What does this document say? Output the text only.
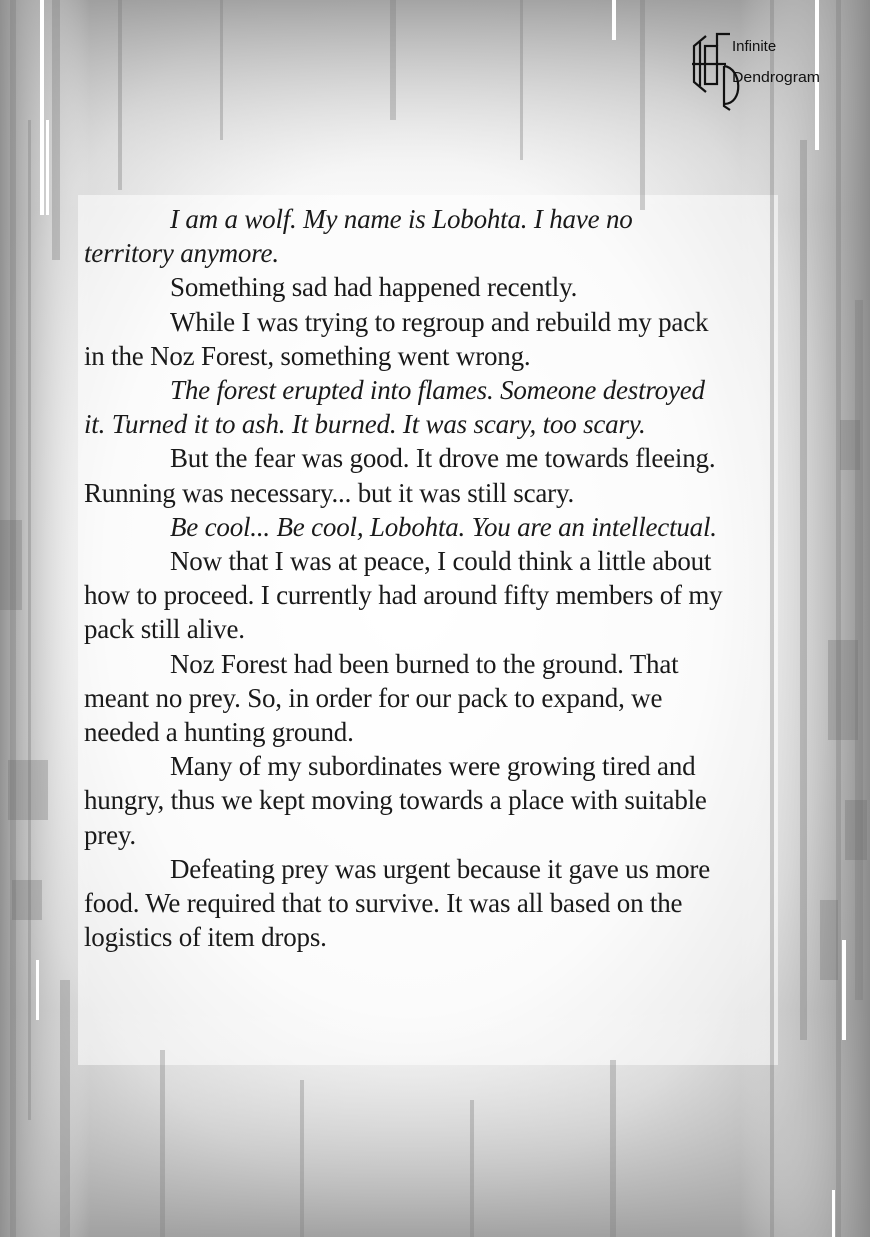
Infinite
Dendrogram

I am a wolf. My name is Lobohta. I have no territory anymore.

Something sad had happened recently.

While I was trying to regroup and rebuild my pack in the Noz Forest, something went wrong.

The forest erupted into flames. Someone destroyed it. Turned it to ash. It burned. It was scary, too scary.

But the fear was good. It drove me towards fleeing. Running was necessary... but it was still scary.

Be cool... Be cool, Lobohta. You are an intellectual.

Now that I was at peace, I could think a little about how to proceed. I currently had around fifty members of my pack still alive.

Noz Forest had been burned to the ground. That meant no prey. So, in order for our pack to expand, we needed a hunting ground.

Many of my subordinates were growing tired and hungry, thus we kept moving towards a place with suitable prey.

Defeating prey was urgent because it gave us more food. We required that to survive. It was all based on the logistics of item drops.
